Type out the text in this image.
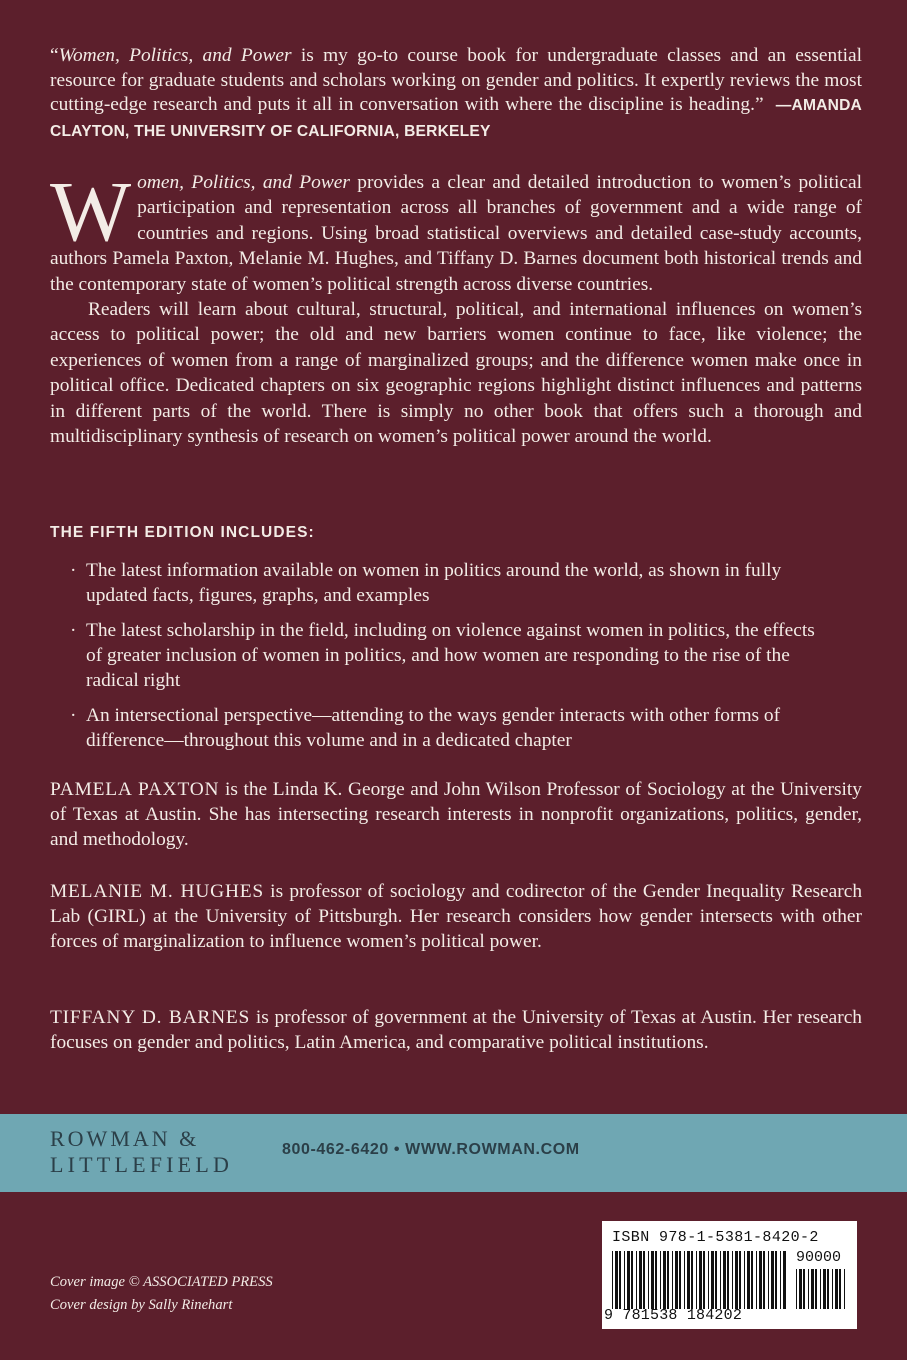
“Women, Politics, and Power is my go-to course book for undergraduate classes and an essential resource for graduate students and scholars working on gender and politics. It expertly reviews the most cutting-edge research and puts it all in conversation with where the discipline is heading.” —AMANDA CLAYTON, THE UNIVERSITY OF CALIFORNIA, BERKELEY

Women, Politics, and Power provides a clear and detailed introduction to women’s political participation and representation across all branches of government and a wide range of countries and regions. Using broad statistical overviews and detailed case-study accounts, authors Pamela Paxton, Melanie M. Hughes, and Tiffany D. Barnes document both historical trends and the contemporary state of women’s political strength across diverse countries.

Readers will learn about cultural, structural, political, and international influences on women’s access to political power; the old and new barriers women continue to face, like violence; the experiences of women from a range of marginalized groups; and the difference women make once in political office. Dedicated chapters on six geographic regions highlight distinct influences and patterns in different parts of the world. There is simply no other book that offers such a thorough and multidisciplinary synthesis of research on women’s political power around the world.

THE FIFTH EDITION INCLUDES:
· The latest information available on women in politics around the world, as shown in fully updated facts, figures, graphs, and examples
· The latest scholarship in the field, including on violence against women in politics, the effects of greater inclusion of women in politics, and how women are responding to the rise of the radical right
· An intersectional perspective—attending to the ways gender interacts with other forms of difference—throughout this volume and in a dedicated chapter
PAMELA PAXTON is the Linda K. George and John Wilson Professor of Sociology at the University of Texas at Austin. She has intersecting research interests in nonprofit organizations, politics, gender, and methodology.
MELANIE M. HUGHES is professor of sociology and codirector of the Gender Inequality Research Lab (GIRL) at the University of Pittsburgh. Her research considers how gender intersects with other forces of marginalization to influence women’s political power.
TIFFANY D. BARNES is professor of government at the University of Texas at Austin. Her research focuses on gender and politics, Latin America, and comparative political institutions.
ROWMAN &
LITTLEFIELD
800-462-6420 • WWW.ROWMAN.COM
Cover image © ASSOCIATED PRESS
Cover design by Sally Rinehart
ISBN 978-1-5381-8420-2
90000
9 781538 184202
